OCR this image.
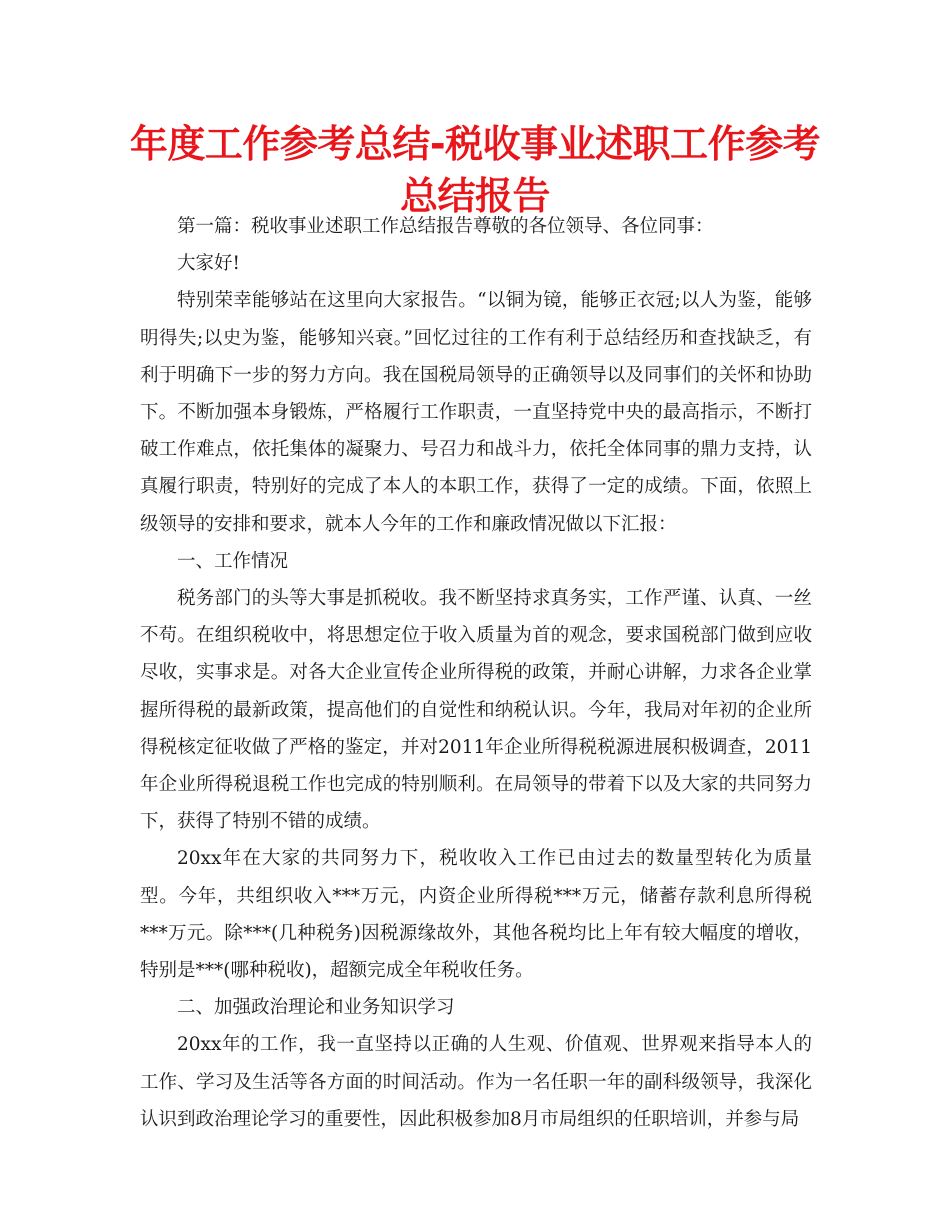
年度工作参考总结-税收事业述职工作参考总结报告

第一篇：税收事业述职工作总结报告尊敬的各位领导、各位同事：

大家好!

特别荣幸能够站在这里向大家报告。“以铜为镜，能够正衣冠;以人为鉴，能够明得失;以史为鉴，能够知兴衰。”回忆过往的工作有利于总结经历和查找缺乏，有利于明确下一步的努力方向。我在国税局领导的正确领导以及同事们的关怀和协助下。不断加强本身锻炼，严格履行工作职责，一直坚持党中央的最高指示，不断打破工作难点，依托集体的凝聚力、号召力和战斗力，依托全体同事的鼎力支持，认真履行职责，特别好的完成了本人的本职工作，获得了一定的成绩。下面，依照上级领导的安排和要求，就本人今年的工作和廉政情况做以下汇报：

一、工作情况

税务部门的头等大事是抓税收。我不断坚持求真务实，工作严谨、认真、一丝不苟。在组织税收中，将思想定位于收入质量为首的观念，要求国税部门做到应收尽收，实事求是。对各大企业宣传企业所得税的政策，并耐心讲解，力求各企业掌握所得税的最新政策，提高他们的自觉性和纳税认识。今年，我局对年初的企业所得税核定征收做了严格的鉴定，并对2011年企业所得税税源进展积极调查，2011年企业所得税退税工作也完成的特别顺利。在局领导的带着下以及大家的共同努力下，获得了特别不错的成绩。

20xx年在大家的共同努力下，税收收入工作已由过去的数量型转化为质量型。今年，共组织收入***万元，内资企业所得税***万元，储蓄存款利息所得税***万元。除***(几种税务)因税源缘故外，其他各税均比上年有较大幅度的增收，特别是***(哪种税收)，超额完成全年税收任务。

二、加强政治理论和业务知识学习

20xx年的工作，我一直坚持以正确的人生观、价值观、世界观来指导本人的工作、学习及生活等各方面的时间活动。作为一名任职一年的副科级领导，我深化认识到政治理论学习的重要性，因此积极参加8月市局组织的任职培训，并参与局
